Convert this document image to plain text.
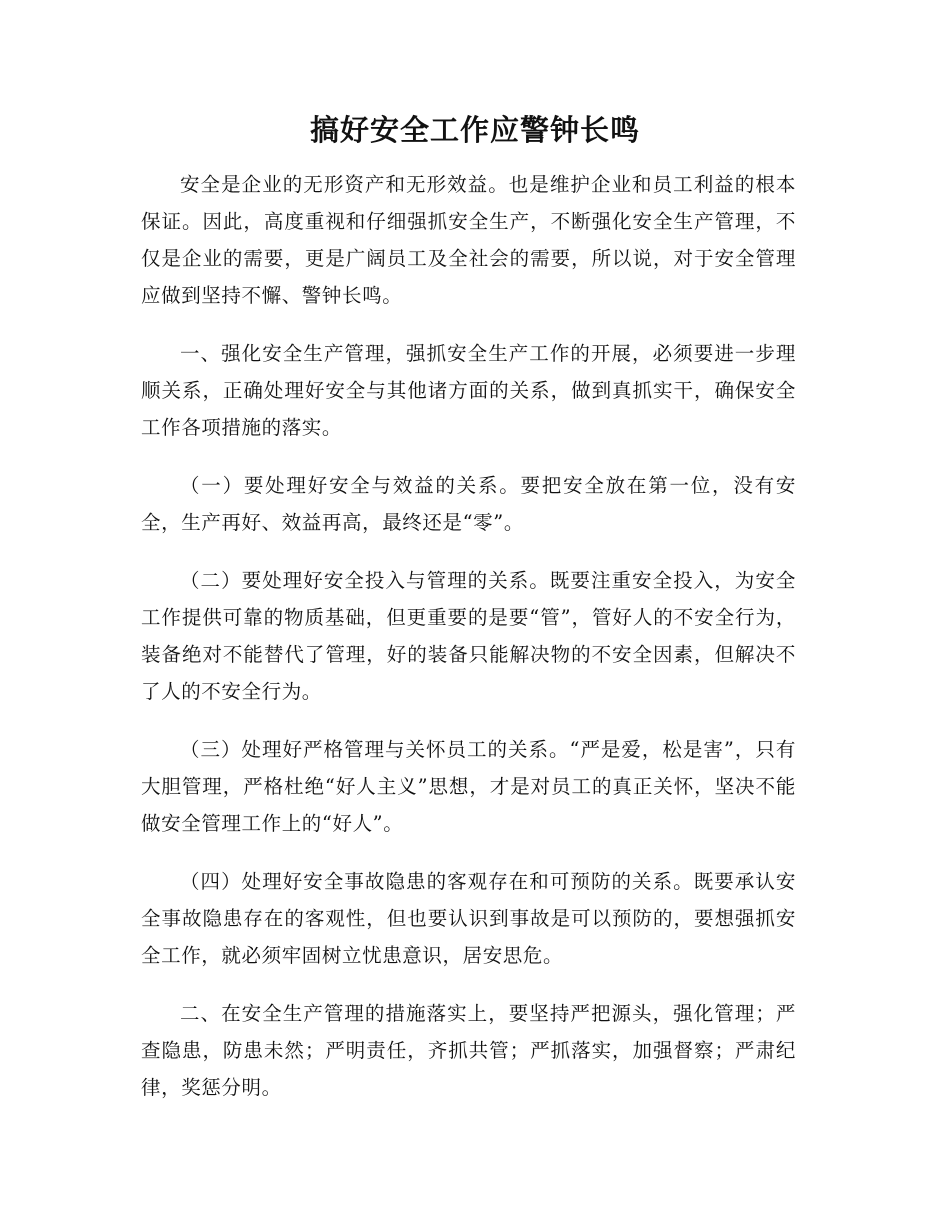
搞好安全工作应警钟长鸣

安全是企业的无形资产和无形效益。也是维护企业和员工利益的根本保证。因此，高度重视和仔细强抓安全生产，不断强化安全生产管理，不仅是企业的需要，更是广阔员工及全社会的需要，所以说，对于安全管理应做到坚持不懈、警钟长鸣。

一、强化安全生产管理，强抓安全生产工作的开展，必须要进一步理顺关系，正确处理好安全与其他诸方面的关系，做到真抓实干，确保安全工作各项措施的落实。

（一）要处理好安全与效益的关系。要把安全放在第一位，没有安全，生产再好、效益再高，最终还是“零”。

（二）要处理好安全投入与管理的关系。既要注重安全投入，为安全工作提供可靠的物质基础，但更重要的是要“管”，管好人的不安全行为，装备绝对不能替代了管理，好的装备只能解决物的不安全因素，但解决不了人的不安全行为。

（三）处理好严格管理与关怀员工的关系。“严是爱，松是害”，只有大胆管理，严格杜绝“好人主义”思想，才是对员工的真正关怀，坚决不能做安全管理工作上的“好人”。

（四）处理好安全事故隐患的客观存在和可预防的关系。既要承认安全事故隐患存在的客观性，但也要认识到事故是可以预防的，要想强抓安全工作，就必须牢固树立忧患意识，居安思危。

二、在安全生产管理的措施落实上，要坚持严把源头，强化管理；严查隐患，防患未然；严明责任，齐抓共管；严抓落实，加强督察；严肃纪律，奖惩分明。
